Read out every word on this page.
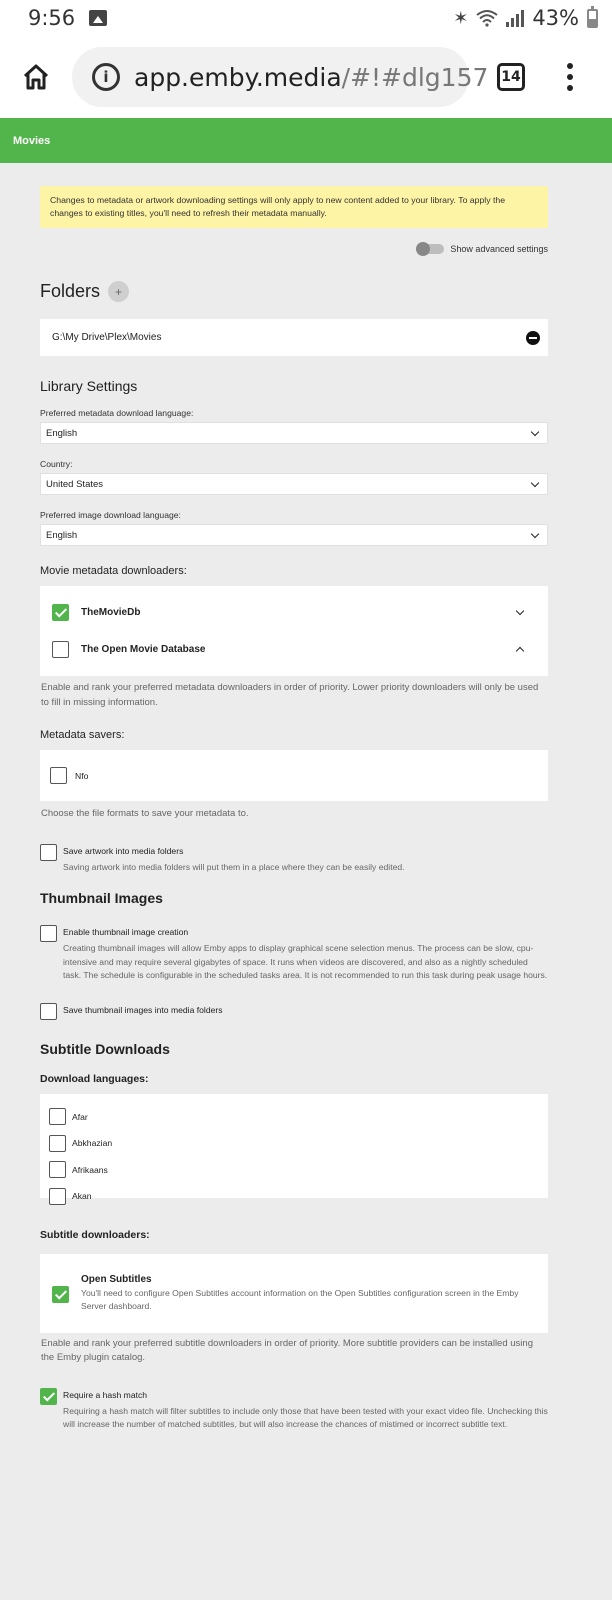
9:56	✶	43%
i	app.emby.media/#!#dlg157 14
Movies
Changes to metadata or artwork downloading settings will only apply to new content added to your library. To apply the changes to existing titles, you'll need to refresh their metadata manually.
Show advanced settings
Folders	+
G:\My Drive\Plex\Movies
Library Settings
Preferred metadata download language:
English
Country:
United States
Preferred image download language:
English
Movie metadata downloaders:
TheMovieDb
The Open Movie Database
Enable and rank your preferred metadata downloaders in order of priority. Lower priority downloaders will only be used to fill in missing information.
Metadata savers:
Nfo
Choose the file formats to save your metadata to.
Save artwork into media folders
Saving artwork into media folders will put them in a place where they can be easily edited.
Thumbnail Images
Enable thumbnail image creation
Creating thumbnail images will allow Emby apps to display graphical scene selection menus. The process can be slow, cpu-intensive and may require several gigabytes of space. It runs when videos are discovered, and also as a nightly scheduled task. The schedule is configurable in the scheduled tasks area. It is not recommended to run this task during peak usage hours.
Save thumbnail images into media folders
Subtitle Downloads
Download languages:
Afar
Abkhazian
Afrikaans
Akan
Subtitle downloaders:
Open Subtitles
You'll need to configure Open Subtitles account information on the Open Subtitles configuration screen in the Emby Server dashboard.
Enable and rank your preferred subtitle downloaders in order of priority. More subtitle providers can be installed using the Emby plugin catalog.
Require a hash match
Requiring a hash match will filter subtitles to include only those that have been tested with your exact video file. Unchecking this will increase the number of matched subtitles, but will also increase the chances of mistimed or incorrect subtitle text.
